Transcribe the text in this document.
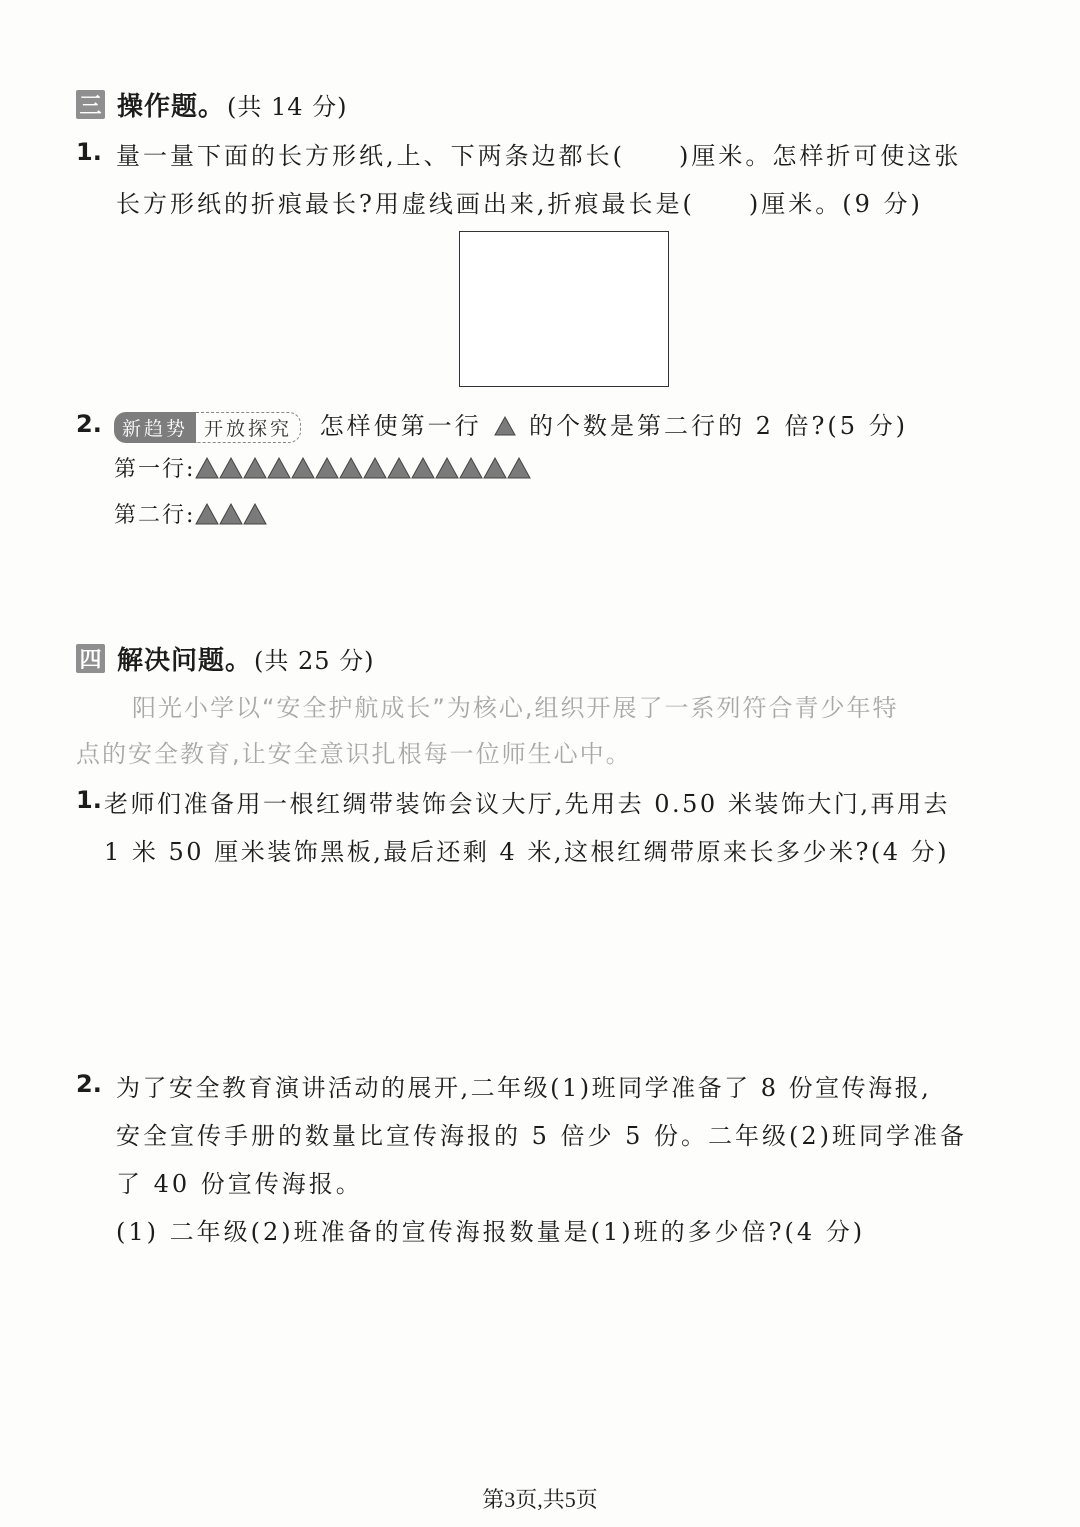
三 操作题。 (共 14 分)
1. 量一量下面的长方形纸,上、下两条边都长(　　)厘米。怎样折可使这张
长方形纸的折痕最长?用虚线画出来,折痕最长是(　　)厘米。(9 分)
2.	新趋势 开放探究	怎样使第一行 的个数是第二行的 2 倍?(5 分)
第一行:
第二行:
四 解决问题。 (共 25 分)
阳光小学以“安全护航成长”为核心,组织开展了一系列符合青少年特
点的安全教育,让安全意识扎根每一位师生心中。
1. 老师们准备用一根红绸带装饰会议大厅,先用去 0.50 米装饰大门,再用去
1 米 50 厘米装饰黑板,最后还剩 4 米,这根红绸带原来长多少米?(4 分)
2. 为了安全教育演讲活动的展开,二年级(1)班同学准备了 8 份宣传海报,
安全宣传手册的数量比宣传海报的 5 倍少 5 份。二年级(2)班同学准备
了 40 份宣传海报。
(1) 二年级(2)班准备的宣传海报数量是(1)班的多少倍?(4 分)
第3页,共5页
